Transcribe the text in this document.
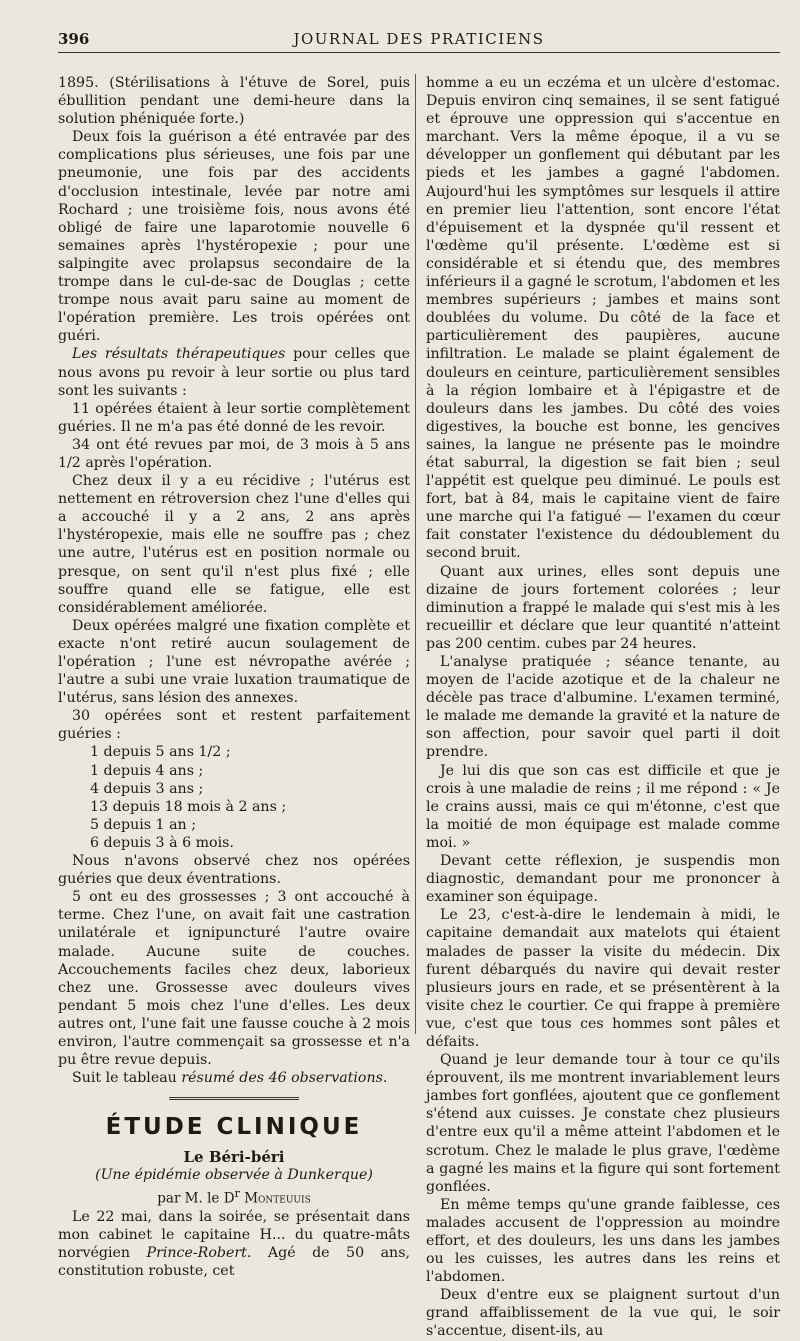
396	JOURNAL DES PRATICIENS

1895. (Stérilisations à l'étuve de Sorel, puis ébullition pendant une demi-heure dans la solution phéniquée forte.)

Deux fois la guérison a été entravée par des complications plus sérieuses, une fois par une pneumonie, une fois par des accidents d'occlusion intestinale, levée par notre ami Rochard ; une troisième fois, nous avons été obligé de faire une laparotomie nouvelle 6 semaines après l'hystéropexie ; pour une salpingite avec prolapsus secondaire de la trompe dans le cul-de-sac de Douglas ; cette trompe nous avait paru saine au moment de l'opération première. Les trois opérées ont guéri.

Les résultats thérapeutiques pour celles que nous avons pu revoir à leur sortie ou plus tard sont les suivants :

11 opérées étaient à leur sortie complètement guéries. Il ne m'a pas été donné de les revoir.

34 ont été revues par moi, de 3 mois à 5 ans 1/2 après l'opération.

Chez deux il y a eu récidive ; l'utérus est nettement en rétroversion chez l'une d'elles qui a accouché il y a 2 ans, 2 ans après l'hystéropexie, mais elle ne souffre pas ; chez une autre, l'utérus est en position normale ou presque, on sent qu'il n'est plus fixé ; elle souffre quand elle se fatigue, elle est considérablement améliorée.

Deux opérées malgré une fixation complète et exacte n'ont retiré aucun soulagement de l'opération ; l'une est névropathe avérée ; l'autre a subi une vraie luxation traumatique de l'utérus, sans lésion des annexes.

30 opérées sont et restent parfaitement guéries :

1 depuis 5 ans 1/2 ;

1 depuis 4 ans ;

4 depuis 3 ans ;

13 depuis 18 mois à 2 ans ;

5 depuis 1 an ;

6 depuis 3 à 6 mois.

Nous n'avons observé chez nos opérées guéries que deux éventrations.

5 ont eu des grossesses ; 3 ont accouché à terme. Chez l'une, on avait fait une castration unilatérale et ignipuncturé l'autre ovaire malade. Aucune suite de couches. Accouchements faciles chez deux, laborieux chez une. Grossesse avec douleurs vives pendant 5 mois chez l'une d'elles. Les deux autres ont, l'une fait une fausse couche à 2 mois environ, l'autre commençait sa grossesse et n'a pu être revue depuis.

Suit le tableau résumé des 46 observations.

ÉTUDE CLINIQUE
Le Béri-béri
(Une épidémie observée à Dunkerque)
par M. le $D^r$ Monteuuis

Le 22 mai, dans la soirée, se présentait dans mon cabinet le capitaine H... du quatre-mâts norvégien Prince-Robert. Agé de 50 ans, constitution robuste, cet

homme a eu un eczéma et un ulcère d'estomac. Depuis environ cinq semaines, il se sent fatigué et éprouve une oppression qui s'accentue en marchant. Vers la même époque, il a vu se développer un gonflement qui débutant par les pieds et les jambes a gagné l'abdomen. Aujourd'hui les symptômes sur lesquels il attire en premier lieu l'attention, sont encore l'état d'épuisement et la dyspnée qu'il ressent et l'œdème qu'il présente. L'œdème est si considérable et si étendu que, des membres inférieurs il a gagné le scrotum, l'abdomen et les membres supérieurs ; jambes et mains sont doublées du volume. Du côté de la face et particulièrement des paupières, aucune infiltration. Le malade se plaint également de douleurs en ceinture, particulièrement sensibles à la région lombaire et à l'épigastre et de douleurs dans les jambes. Du côté des voies digestives, la bouche est bonne, les gencives saines, la langue ne présente pas le moindre état saburral, la digestion se fait bien ; seul l'appétit est quelque peu diminué. Le pouls est fort, bat à 84, mais le capitaine vient de faire une marche qui l'a fatigué — l'examen du cœur fait constater l'existence du dédoublement du second bruit.

Quant aux urines, elles sont depuis une dizaine de jours fortement colorées ; leur diminution a frappé le malade qui s'est mis à les recueillir et déclare que leur quantité n'atteint pas 200 centim. cubes par 24 heures.

L'analyse pratiquée ; séance tenante, au moyen de l'acide azotique et de la chaleur ne décèle pas trace d'albumine. L'examen terminé, le malade me demande la gravité et la nature de son affection, pour savoir quel parti il doit prendre.

Je lui dis que son cas est difficile et que je crois à une maladie de reins ; il me répond : « Je le crains aussi, mais ce qui m'étonne, c'est que la moitié de mon équipage est malade comme moi. »

Devant cette réflexion, je suspendis mon diagnostic, demandant pour me prononcer à examiner son équipage.

Le 23, c'est-à-dire le lendemain à midi, le capitaine demandait aux matelots qui étaient malades de passer la visite du médecin. Dix furent débarqués du navire qui devait rester plusieurs jours en rade, et se présentèrent à la visite chez le courtier. Ce qui frappe à première vue, c'est que tous ces hommes sont pâles et défaits.

Quand je leur demande tour à tour ce qu'ils éprouvent, ils me montrent invariablement leurs jambes fort gonflées, ajoutent que ce gonflement s'étend aux cuisses. Je constate chez plusieurs d'entre eux qu'il a même atteint l'abdomen et le scrotum. Chez le malade le plus grave, l'œdème a gagné les mains et la figure qui sont fortement gonflées.

En même temps qu'une grande faiblesse, ces malades accusent de l'oppression au moindre effort, et des douleurs, les uns dans les jambes ou les cuisses, les autres dans les reins et l'abdomen.

Deux d'entre eux se plaignent surtout d'un grand affaiblissement de la vue qui, le soir s'accentue, disent-ils, au
